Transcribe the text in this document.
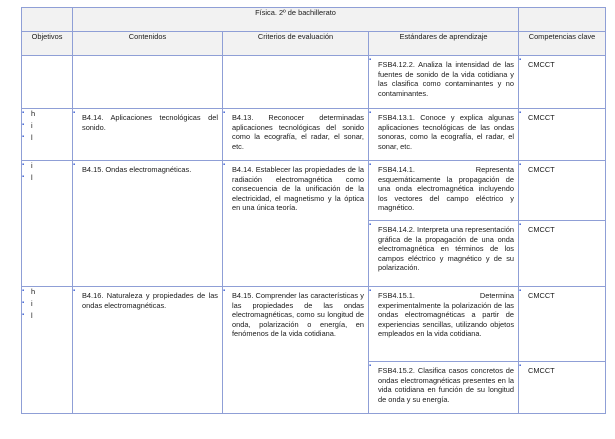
	Física. 2º de bachillerato			
Objetivos	Contenidos	Criterios de evaluación	Estándares de aprendizaje	Competencias clave

			▪ FSB4.12.2. Analiza la intensidad de las fuentes de sonido de la vida cotidiana y las clasifica como contaminantes y no contaminantes.	▪ CMCCT

▪ h
▪ i
▪ l	▪ B4.14. Aplicaciones tecnológicas del sonido.	▪ B4.13. Reconocer determinadas aplicaciones tecnológicas del sonido como la ecografía, el radar, el sonar, etc.	▪ FSB4.13.1. Conoce y explica algunas aplicaciones tecnológicas de las ondas sonoras, como la ecografía, el radar, el sonar, etc.	▪ CMCCT

▪ i
▪ l	▪ B4.15. Ondas electromagnéticas.	▪ B4.14. Establecer las propiedades de la radiación electromagnética como consecuencia de la unificación de la electricidad, el magnetismo y la óptica en una única teoría.	▪ FSB4.14.1. Representa esquemáticamente la propagación de una onda electromagnética incluyendo los vectores del campo eléctrico y magnético.	▪ CMCCT

			▪ FSB4.14.2. Interpreta una representación gráfica de la propagación de una onda electromagnética en términos de los campos eléctrico y magnético y de su polarización.	▪ CMCCT

▪ h
▪ i
▪ l	▪ B4.16. Naturaleza y propiedades de las ondas electromagnéticas.	▪ B4.15. Comprender las características y las propiedades de las ondas electromagnéticas, como su longitud de onda, polarización o energía, en fenómenos de la vida cotidiana.	▪ FSB4.15.1. Determina experimentalmente la polarización de las ondas electromagnéticas a partir de experiencias sencillas, utilizando objetos empleados en la vida cotidiana.	▪ CMCCT

			▪ FSB4.15.2. Clasifica casos concretos de ondas electromagnéticas presentes en la vida cotidiana en función de su longitud de onda y su energía.	▪ CMCCT
